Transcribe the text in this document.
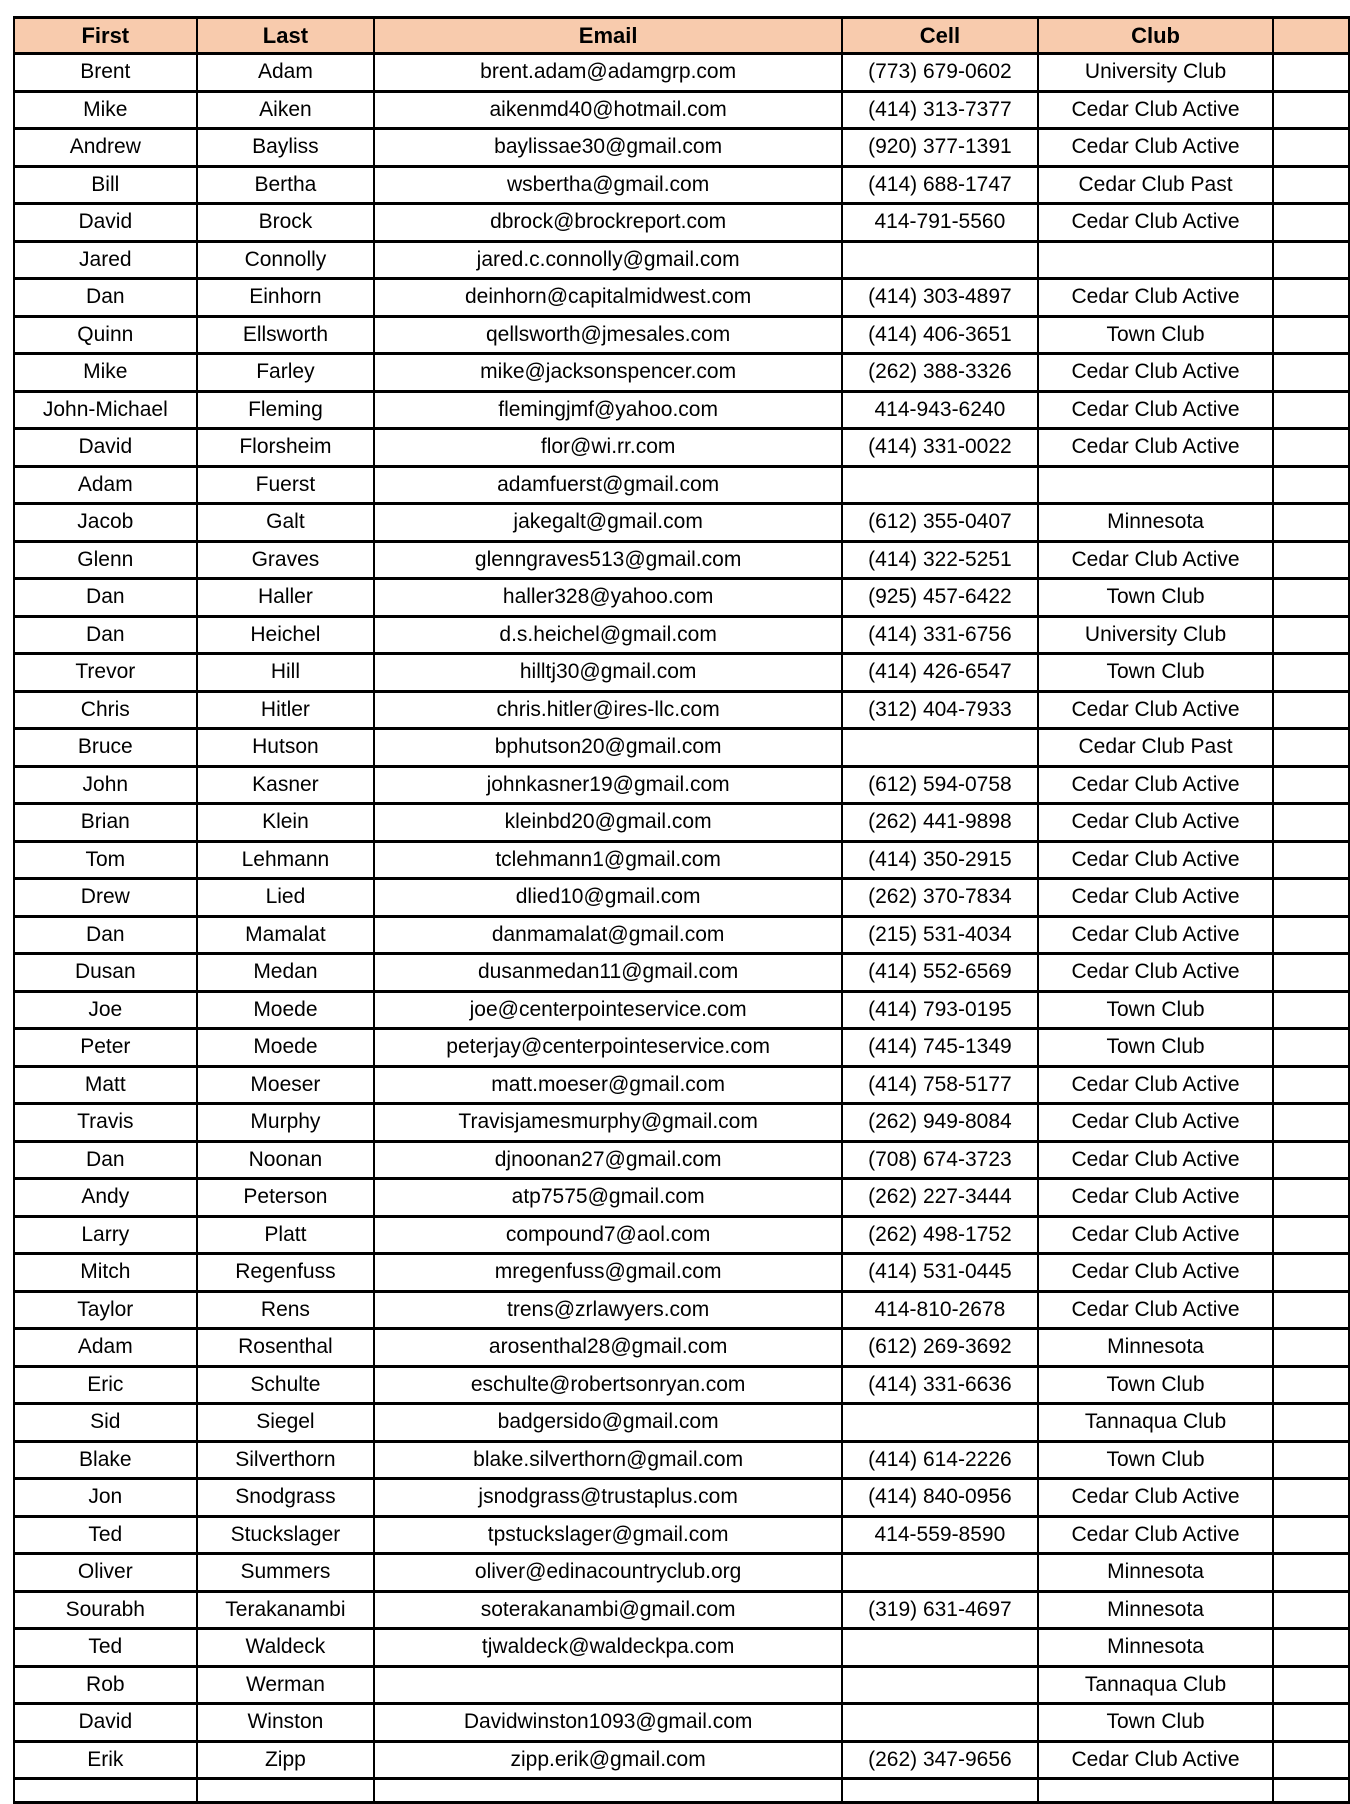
First	Last	Email	Cell	Club	
Brent	Adam	brent.adam@adamgrp.com	(773) 679-0602	University Club	
Mike	Aiken	aikenmd40@hotmail.com	(414) 313-7377	Cedar Club Active	
Andrew	Bayliss	baylissae30@gmail.com	(920) 377-1391	Cedar Club Active	
Bill	Bertha	wsbertha@gmail.com	(414) 688-1747	Cedar Club Past	
David	Brock	dbrock@brockreport.com	414-791-5560	Cedar Club Active	
Jared	Connolly	jared.c.connolly@gmail.com			
Dan	Einhorn	deinhorn@capitalmidwest.com	(414) 303-4897	Cedar Club Active	
Quinn	Ellsworth	qellsworth@jmesales.com	(414) 406-3651	Town Club	
Mike	Farley	mike@jacksonspencer.com	(262) 388-3326	Cedar Club Active	
John-Michael	Fleming	flemingjmf@yahoo.com	414-943-6240	Cedar Club Active	
David	Florsheim	flor@wi.rr.com	(414) 331-0022	Cedar Club Active	
Adam	Fuerst	adamfuerst@gmail.com			
Jacob	Galt	jakegalt@gmail.com	(612) 355-0407	Minnesota	
Glenn	Graves	glenngraves513@gmail.com	(414) 322-5251	Cedar Club Active	
Dan	Haller	haller328@yahoo.com	(925) 457-6422	Town Club	
Dan	Heichel	d.s.heichel@gmail.com	(414) 331-6756	University Club	
Trevor	Hill	hilltj30@gmail.com	(414) 426-6547	Town Club	
Chris	Hitler	chris.hitler@ires-llc.com	(312) 404-7933	Cedar Club Active	
Bruce	Hutson	bphutson20@gmail.com		Cedar Club Past	
John	Kasner	johnkasner19@gmail.com	(612) 594-0758	Cedar Club Active	
Brian	Klein	kleinbd20@gmail.com	(262) 441-9898	Cedar Club Active	
Tom	Lehmann	tclehmann1@gmail.com	(414) 350-2915	Cedar Club Active	
Drew	Lied	dlied10@gmail.com	(262) 370-7834	Cedar Club Active	
Dan	Mamalat	danmamalat@gmail.com	(215) 531-4034	Cedar Club Active	
Dusan	Medan	dusanmedan11@gmail.com	(414) 552-6569	Cedar Club Active	
Joe	Moede	joe@centerpointeservice.com	(414) 793-0195	Town Club	
Peter	Moede	peterjay@centerpointeservice.com	(414) 745-1349	Town Club	
Matt	Moeser	matt.moeser@gmail.com	(414) 758-5177	Cedar Club Active	
Travis	Murphy	Travisjamesmurphy@gmail.com	(262) 949-8084	Cedar Club Active	
Dan	Noonan	djnoonan27@gmail.com	(708) 674-3723	Cedar Club Active	
Andy	Peterson	atp7575@gmail.com	(262) 227-3444	Cedar Club Active	
Larry	Platt	compound7@aol.com	(262) 498-1752	Cedar Club Active	
Mitch	Regenfuss	mregenfuss@gmail.com	(414) 531-0445	Cedar Club Active	
Taylor	Rens	trens@zrlawyers.com	414-810-2678	Cedar Club Active	
Adam	Rosenthal	arosenthal28@gmail.com	(612) 269-3692	Minnesota	
Eric	Schulte	eschulte@robertsonryan.com	(414) 331-6636	Town Club	
Sid	Siegel	badgersido@gmail.com		Tannaqua Club	
Blake	Silverthorn	blake.silverthorn@gmail.com	(414) 614-2226	Town Club	
Jon	Snodgrass	jsnodgrass@trustaplus.com	(414) 840-0956	Cedar Club Active	
Ted	Stuckslager	tpstuckslager@gmail.com	414-559-8590	Cedar Club Active	
Oliver	Summers	oliver@edinacountryclub.org		Minnesota	
Sourabh	Terakanambi	soterakanambi@gmail.com	(319) 631-4697	Minnesota	
Ted	Waldeck	tjwaldeck@waldeckpa.com		Minnesota	
Rob	Werman			Tannaqua Club	
David	Winston	Davidwinston1093@gmail.com		Town Club	
Erik	Zipp	zipp.erik@gmail.com	(262) 347-9656	Cedar Club Active	
